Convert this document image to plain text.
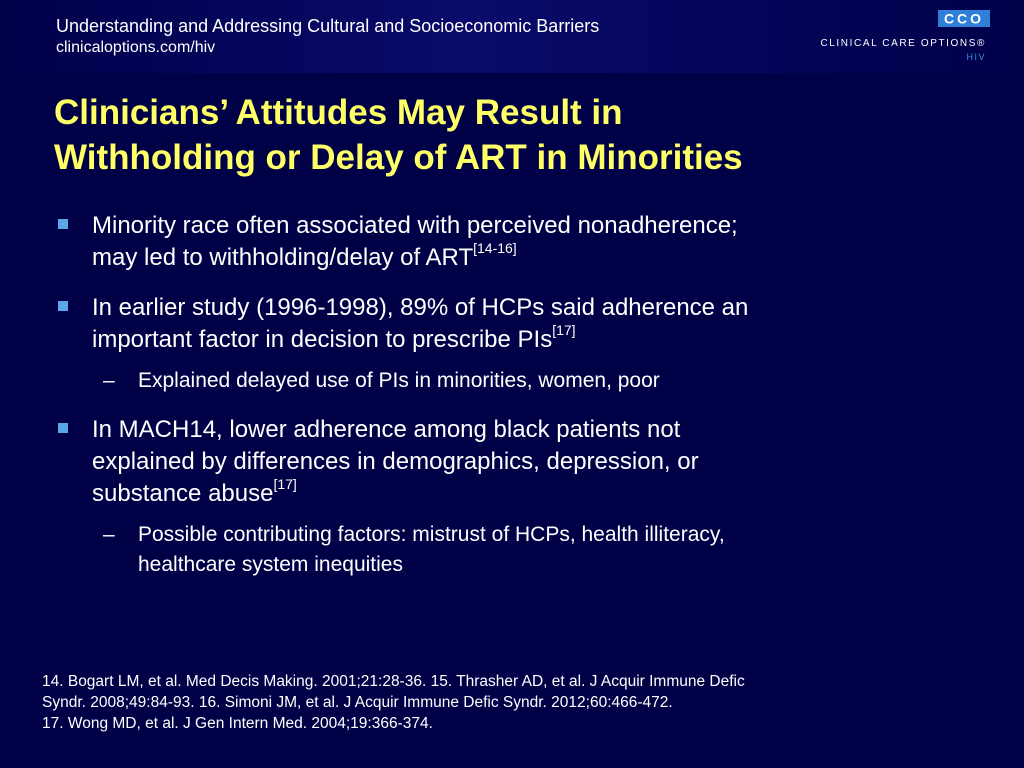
Understanding and Addressing Cultural and Socioeconomic Barriers
clinicaloptions.com/hiv
CCO
CLINICAL CARE OPTIONS®
HIV
Clinicians’ Attitudes May Result in
Withholding or Delay of ART in Minorities
Minority race often associated with perceived nonadherence;
may led to withholding/delay of ART[14-16]
In earlier study (1996-1998), 89% of HCPs said adherence an
important factor in decision to prescribe PIs[17]
– Explained delayed use of PIs in minorities, women, poor
In MACH14, lower adherence among black patients not
explained by differences in demographics, depression, or
substance abuse[17]
– Possible contributing factors: mistrust of HCPs, health illiteracy,
healthcare system inequities
14. Bogart LM, et al. Med Decis Making. 2001;21:28-36. 15. Thrasher AD, et al. J Acquir Immune Defic
Syndr. 2008;49:84-93. 16. Simoni JM, et al. J Acquir Immune Defic Syndr. 2012;60:466-472.
17. Wong MD, et al. J Gen Intern Med. 2004;19:366-374.
